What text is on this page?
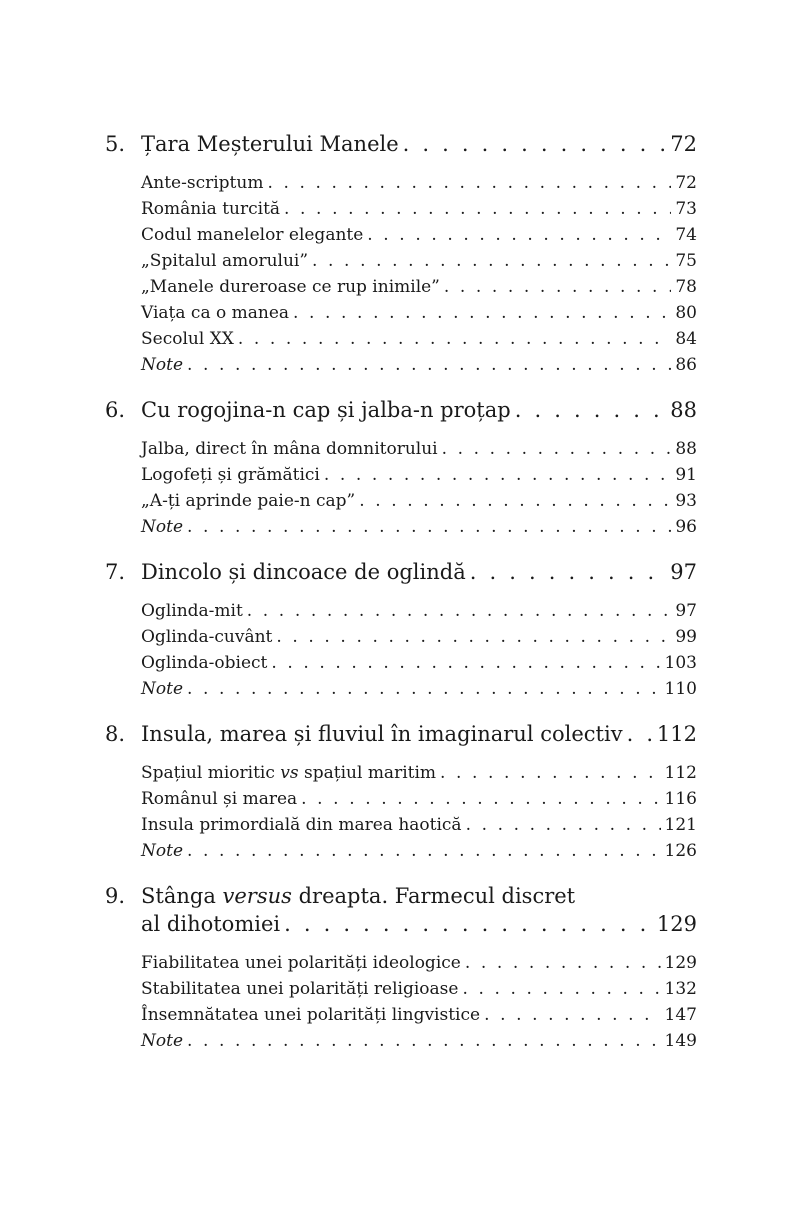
5. Țara Meșterului Manele . . .	72
Ante-scriptum . . .	72
România turcită . . .	73
Codul manelelor elegante . . .	74
„Spitalul amorului” . . .	75
„Manele dureroase ce rup inimile” . . .	78
Viața ca o manea . . .	80
Secolul XX . . .	84
Note . . .	86
6. Cu rogojina-n cap și jalba-n proțap . . .	88
Jalba, direct în mâna domnitorului . . .	88
Logofeți și grămătici . . .	91
„A-ți aprinde paie-n cap” . . .	93
Note . . .	96
7. Dincolo și dincoace de oglindă . . .	97
Oglinda-mit . . .	97
Oglinda-cuvânt . . .	99
Oglinda-obiect . . .	103
Note . . .	110
8. Insula, marea și fluviul în imaginarul colectiv . . . 112
Spațiul mioritic vs spațiul maritim . . .	112
Românul și marea . . .	116
Insula primordială din marea haotică . . .	121
Note . . .	126
9. Stânga versus dreapta. Farmecul discret
al dihotomiei . . .	129
Fiabilitatea unei polarități ideologice . . .	129
Stabilitatea unei polarități religioase . . .	132
Însemnătatea unei polarități lingvistice . . .	147
Note . . .	149
